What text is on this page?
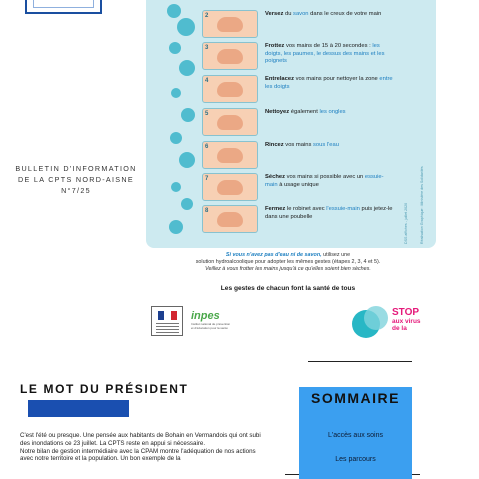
BULLETIN D'INFORMATION
DE LA CPTS NORD-AISNE
N°7/25
2	Versez du savon dans le creux de votre main
3	Frottez vos mains de 15 à 20 secondes : les doigts, les paumes, le dessus des mains et les poignets
4	Entrelacez vos mains pour nettoyer la zone entre les doigts
5	Nettoyez également les ongles
6	Rincez vos mains sous l'eau
7	Séchez vos mains si possible avec un essuie-main à usage unique
8	Fermez le robinet avec l'essuie-main puis jetez-le dans une poubelle	DSS affiches - juillet 2020	Réalisation Graphique : Ministère des Solidarités
Si vous n'avez pas d'eau ni de savon, utilisez une
solution hydroalcoolique pour adopter les mêmes gestes (étapes 2, 3, 4 et 5).
Veillez à vous frotter les mains jusqu'à ce qu'elles soient bien sèches.
Les gestes de chacun font la santé de tous
inpes
Institut national de prévention et d'éducation pour la santé
STOP
aux virus
de la
LE MOT DU PRÉSIDENT
C'est l'été ou presque. Une pensée aux habitants de Bohain en Vermandois qui ont subi des inondations ce 23 juillet. La CPTS reste en appui si nécessaire.
Notre bilan de gestion intermédiaire avec la CPAM montre l'adéquation de nos actions avec notre territoire et la population. Un bon exemple de la
SOMMAIRE
L'accès aux soins
Les parcours
